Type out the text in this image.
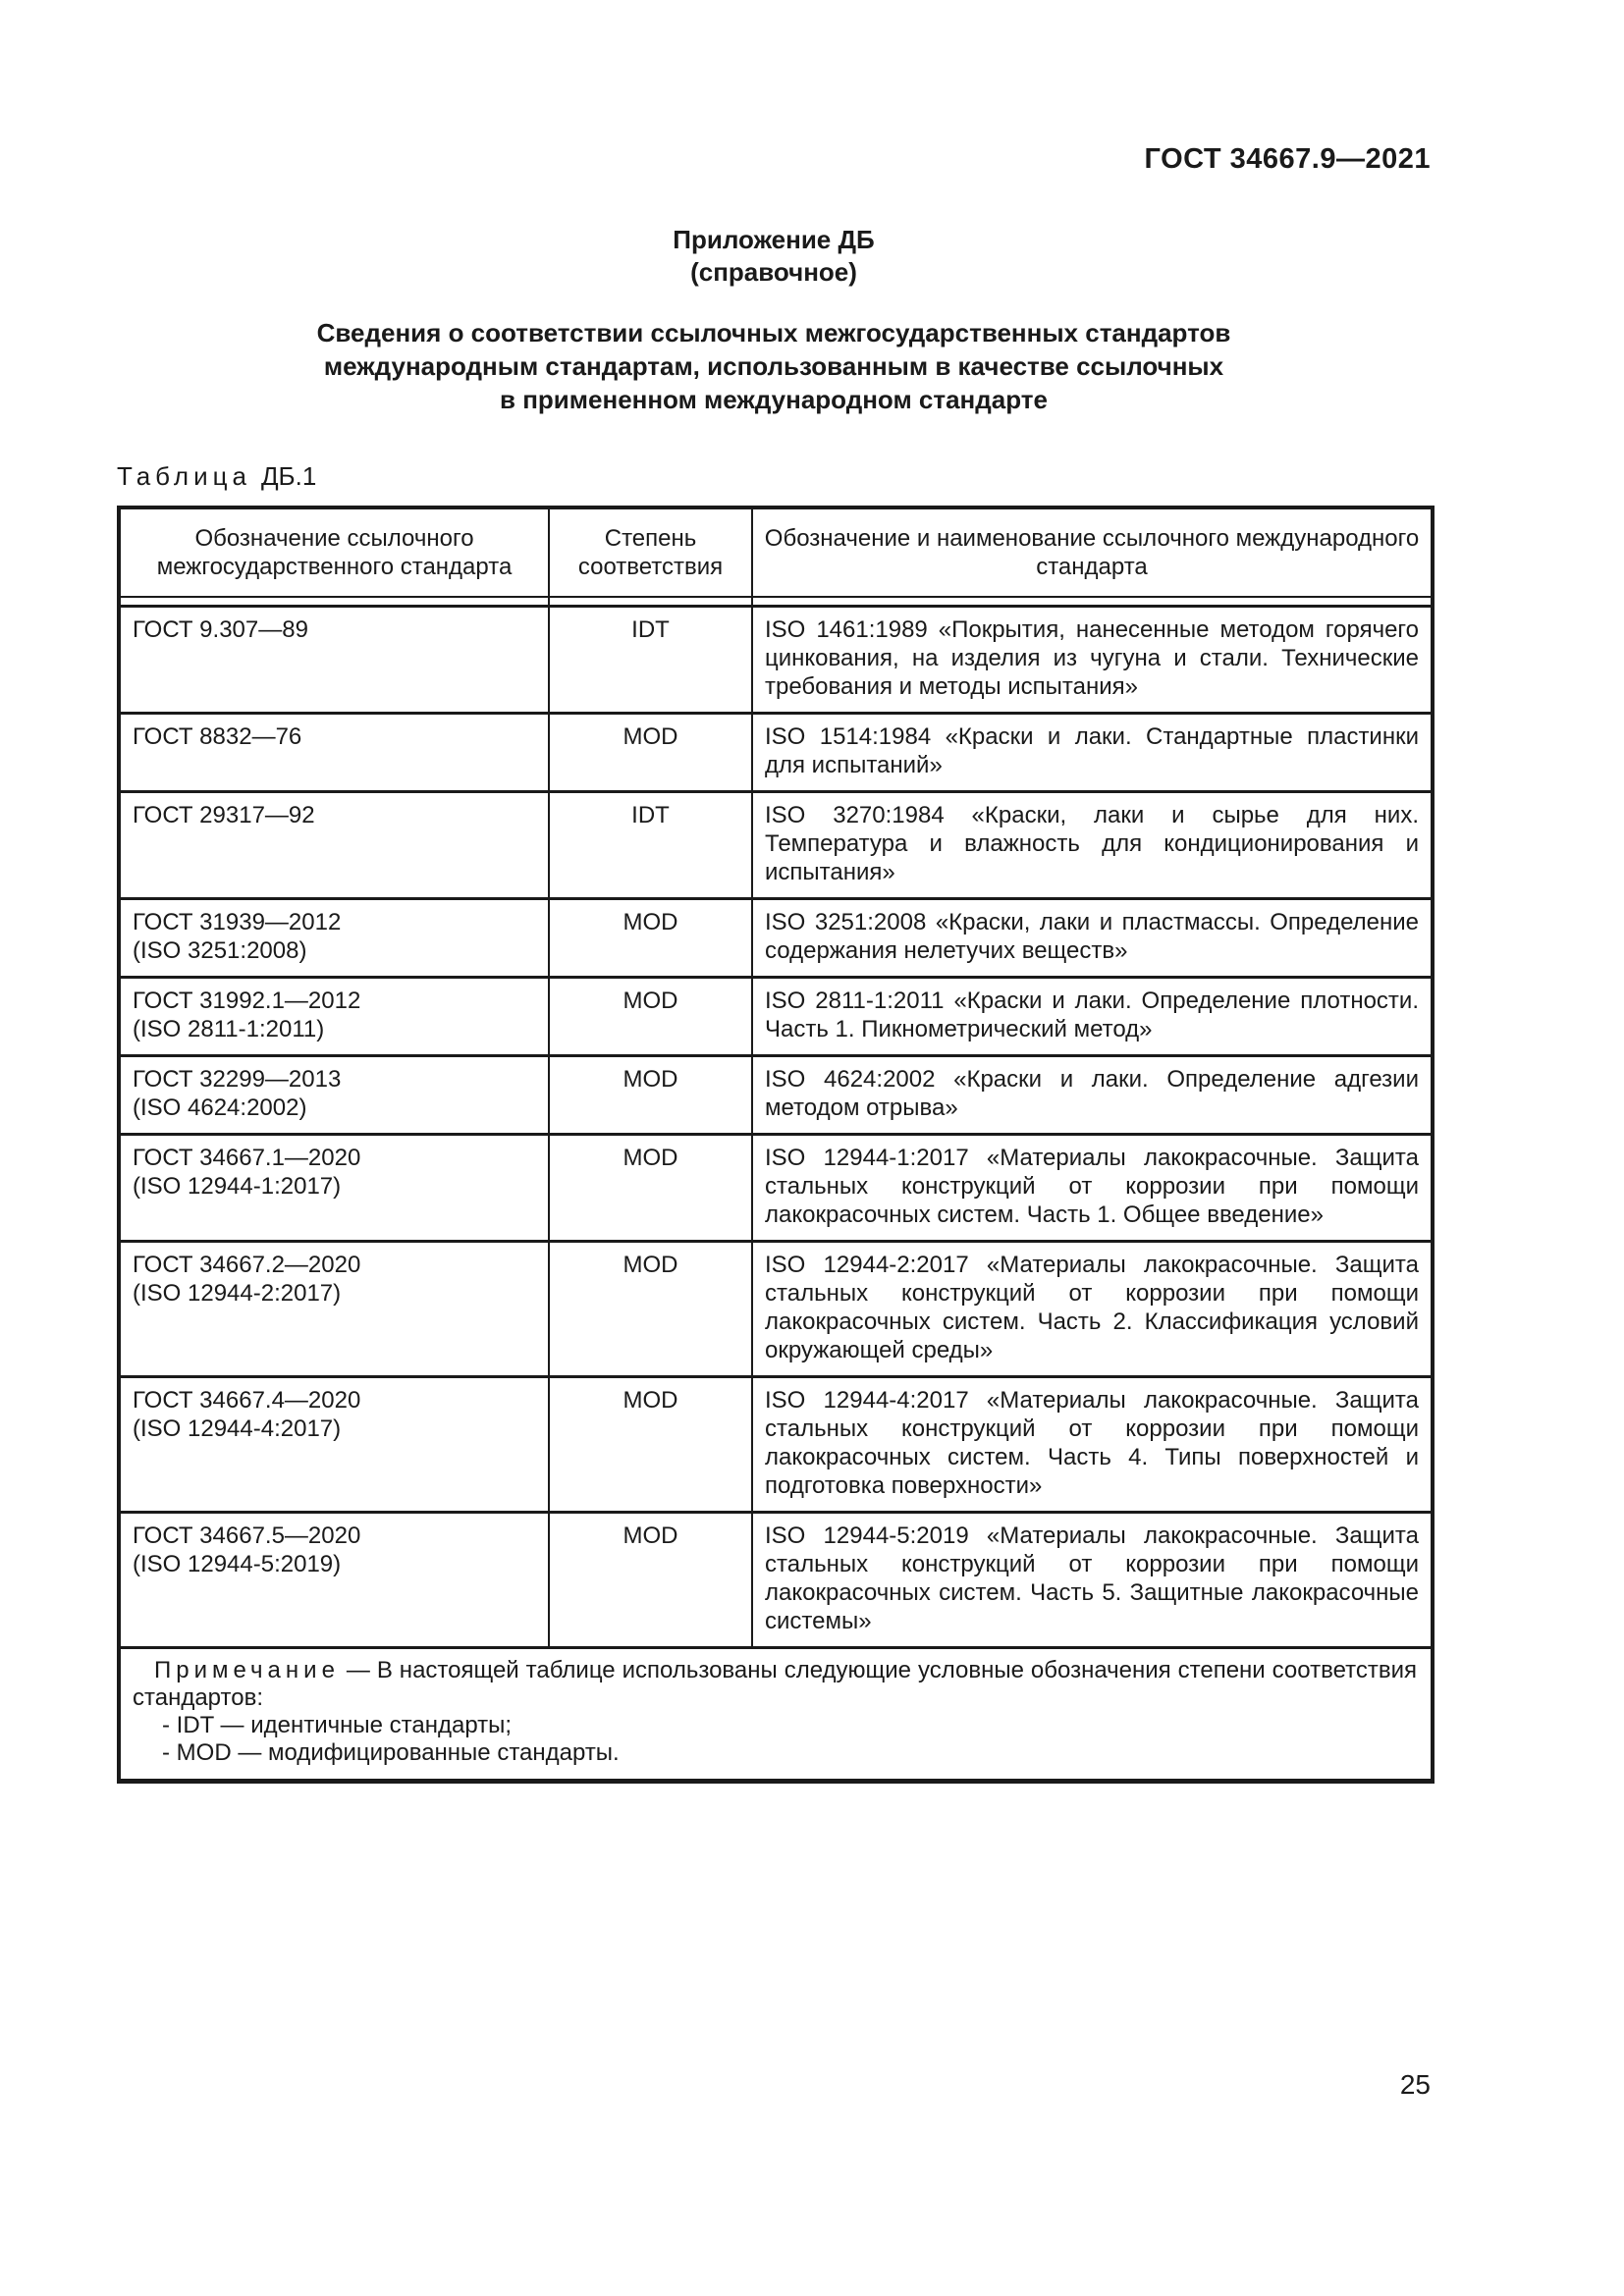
ГОСТ 34667.9—2021
Приложение ДБ
(справочное)
Сведения о соответствии ссылочных межгосударственных стандартов
международным стандартам, использованным в качестве ссылочных
в примененном международном стандарте
Таблица ДБ.1
Обозначение ссылочного межгосударственного стандарта	Степень соответствия	Обозначение и наименование ссылочного международного стандарта

ГОСТ 9.307—89	IDT	ISO 1461:1989 «Покрытия, нанесенные методом горячего цинкования, на изделия из чугуна и стали. Технические требования и методы испытания»

ГОСТ 8832—76	MOD	ISO 1514:1984 «Краски и лаки. Стандартные пластинки для испытаний»

ГОСТ 29317—92	IDT	ISO 3270:1984 «Краски, лаки и сырье для них. Температура и влажность для кондиционирования и испытания»

ГОСТ 31939—2012
(ISO 3251:2008)	MOD	ISO 3251:2008 «Краски, лаки и пластмассы. Определение содержания нелетучих веществ»

ГОСТ 31992.1—2012
(ISO 2811-1:2011)	MOD	ISO 2811-1:2011 «Краски и лаки. Определение плотности. Часть 1. Пикнометрический метод»

ГОСТ 32299—2013
(ISO 4624:2002)	MOD	ISO 4624:2002 «Краски и лаки. Определение адгезии методом отрыва»

ГОСТ 34667.1—2020
(ISO 12944-1:2017)	MOD	ISO 12944-1:2017 «Материалы лакокрасочные. Защита стальных конструкций от коррозии при помощи лакокрасочных систем. Часть 1. Общее введение»

ГОСТ 34667.2—2020
(ISO 12944-2:2017)	MOD	ISO 12944-2:2017 «Материалы лакокрасочные. Защита стальных конструкций от коррозии при помощи лакокрасочных систем. Часть 2. Классификация условий окружающей среды»

ГОСТ 34667.4—2020
(ISO 12944-4:2017)	MOD	ISO 12944-4:2017 «Материалы лакокрасочные. Защита стальных конструкций от коррозии при помощи лакокрасочных систем. Часть 4. Типы поверхностей и подготовка поверхности»

ГОСТ 34667.5—2020
(ISO 12944-5:2019)	MOD	ISO 12944-5:2019 «Материалы лакокрасочные. Защита стальных конструкций от коррозии при помощи лакокрасочных систем. Часть 5. Защитные лакокрасочные системы»

Примечание — В настоящей таблице использованы следующие условные обозначения степени соответствия стандартов:

- IDT — идентичные стандарты;

- MOD — модифицированные стандарты.		

25
